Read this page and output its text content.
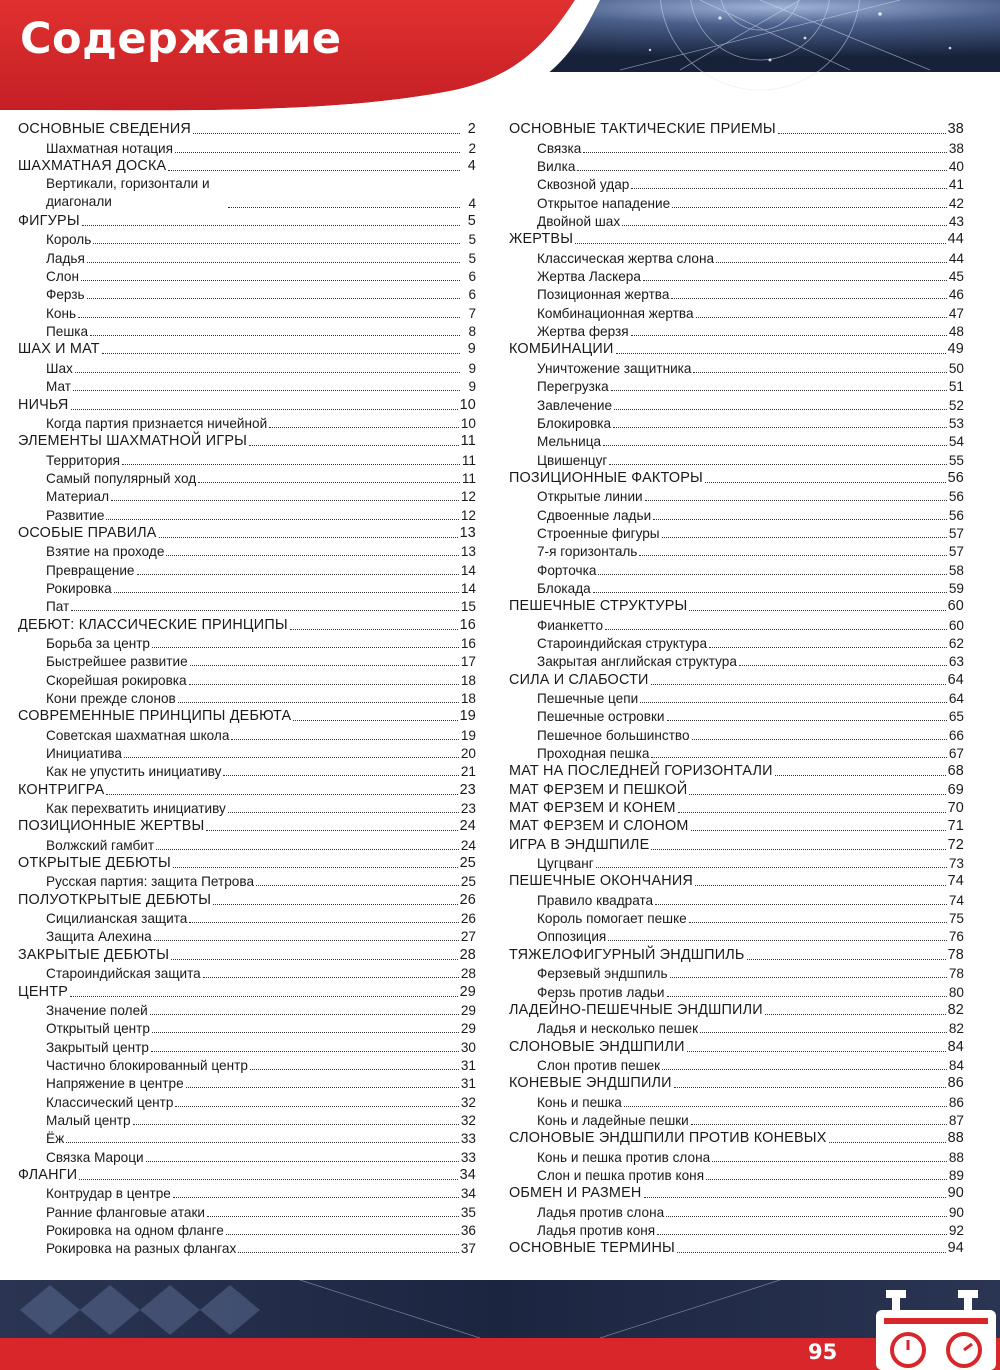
Содержание
ОСНОВНЫЕ СВЕДЕНИЯ	2
Шахматная нотация	2
ШАХМАТНАЯ ДОСКА	4
Вертикали, горизонтали и диагонали	4
ФИГУРЫ	5
Король	5
Ладья	5
Слон	6
Ферзь	6
Конь	7
Пешка	8
ШАХ И МАТ	9
Шах	9
Мат	9
НИЧЬЯ	10
Когда партия признается ничейной	10
ЭЛЕМЕНТЫ ШАХМАТНОЙ ИГРЫ	11
Территория	11
Самый популярный ход	11
Материал	12
Развитие	12
ОСОБЫЕ ПРАВИЛА	13
Взятие на проходе	13
Превращение	14
Рокировка	14
Пат	15
ДЕБЮТ: КЛАССИЧЕСКИЕ ПРИНЦИПЫ	16
Борьба за центр	16
Быстрейшее развитие	17
Скорейшая рокировка	18
Кони прежде слонов	18
СОВРЕМЕННЫЕ ПРИНЦИПЫ ДЕБЮТА	19
Советская шахматная школа	19
Инициатива	20
Как не упустить инициативу	21
КОНТРИГРА	23
Как перехватить инициативу	23
ПОЗИЦИОННЫЕ ЖЕРТВЫ	24
Волжский гамбит	24
ОТКРЫТЫЕ ДЕБЮТЫ	25
Русская партия: защита Петрова	25
ПОЛУОТКРЫТЫЕ ДЕБЮТЫ	26
Сицилианская защита	26
Защита Алехина	27
ЗАКРЫТЫЕ ДЕБЮТЫ	28
Староиндийская защита	28
ЦЕНТР	29
Значение полей	29
Открытый центр	29
Закрытый центр	30
Частично блокированный центр	31
Напряжение в центре	31
Классический центр	32
Малый центр	32
Ёж	33
Связка Мароци	33
ФЛАНГИ	34
Контрудар в центре	34
Ранние фланговые атаки	35
Рокировка на одном фланге	36
Рокировка на разных флангах	37
ОСНОВНЫЕ ТАКТИЧЕСКИЕ ПРИЕМЫ	38
Связка	38
Вилка	40
Сквозной удар	41
Открытое нападение	42
Двойной шах	43
ЖЕРТВЫ	44
Классическая жертва слона	44
Жертва Ласкера	45
Позиционная жертва	46
Комбинационная жертва	47
Жертва ферзя	48
КОМБИНАЦИИ	49
Уничтожение защитника	50
Перегрузка	51
Завлечение	52
Блокировка	53
Мельница	54
Цвишенцуг	55
ПОЗИЦИОННЫЕ ФАКТОРЫ	56
Открытые линии	56
Сдвоенные ладьи	56
Строенные фигуры	57
7-я горизонталь	57
Форточка	58
Блокада	59
ПЕШЕЧНЫЕ СТРУКТУРЫ	60
Фианкетто	60
Староиндийская структура	62
Закрытая английская структура	63
СИЛА И СЛАБОСТИ	64
Пешечные цепи	64
Пешечные островки	65
Пешечное большинство	66
Проходная пешка	67
МАТ НА ПОСЛЕДНЕЙ ГОРИЗОНТАЛИ	68
МАТ ФЕРЗЕМ И ПЕШКОЙ	69
МАТ ФЕРЗЕМ И КОНЕМ	70
МАТ ФЕРЗЕМ И СЛОНОМ	71
ИГРА В ЭНДШПИЛЕ	72
Цугцванг	73
ПЕШЕЧНЫЕ ОКОНЧАНИЯ	74
Правило квадрата	74
Король помогает пешке	75
Оппозиция	76
ТЯЖЕЛОФИГУРНЫЙ ЭНДШПИЛЬ	78
Ферзевый эндшпиль	78
Ферзь против ладьи	80
ЛАДЕЙНО-ПЕШЕЧНЫЕ ЭНДШПИЛИ	82
Ладья и несколько пешек	82
СЛОНОВЫЕ ЭНДШПИЛИ	84
Слон против пешек	84
КОНЕВЫЕ ЭНДШПИЛИ	86
Конь и пешка	86
Конь и ладейные пешки	87
СЛОНОВЫЕ ЭНДШПИЛИ ПРОТИВ КОНЕВЫХ	88
Конь и пешка против слона	88
Слон и пешка против коня	89
ОБМЕН И РАЗМЕН	90
Ладья против слона	90
Ладья против коня	92
ОСНОВНЫЕ ТЕРМИНЫ	94
95
